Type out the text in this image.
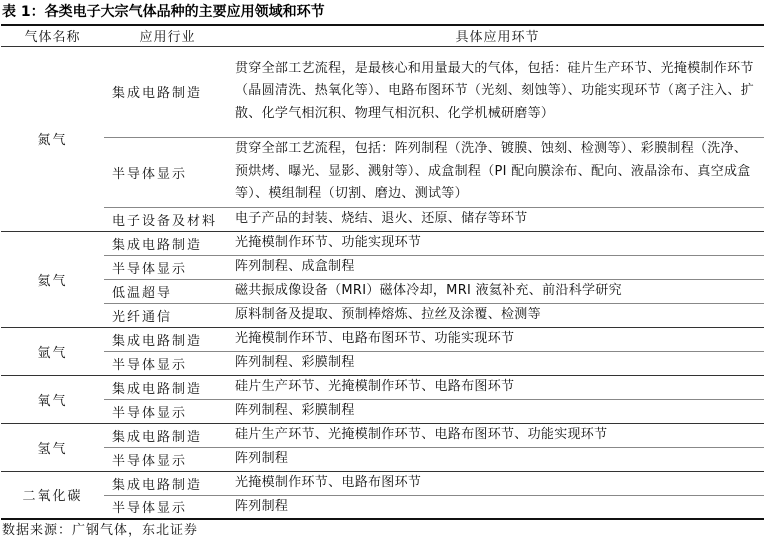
表 1：各类电子大宗气体品种的主要应用领域和环节
气体名称	应用行业	具体应用环节
氮气	集成电路制造	贯穿全部工艺流程，是最核心和用量最大的气体，包括：硅片生产环节、光掩模制作环节（晶圆清洗、热氧化等）、电路布图环节（光刻、刻蚀等）、功能实现环节（离子注入、扩散、化学气相沉积、物理气相沉积、化学机械研磨等）
	半导体显示	贯穿全部工艺流程，包括：阵列制程（洗净、镀膜、蚀刻、检测等）、彩膜制程（洗净、预烘烤、曝光、显影、溅射等）、成盒制程（PI 配向膜涂布、配向、液晶涂布、真空成盒等）、模组制程（切割、磨边、测试等）
	电子设备及材料	电子产品的封装、烧结、退火、还原、储存等环节
氦气	集成电路制造	光掩模制作环节、功能实现环节
	半导体显示	阵列制程、成盒制程
	低温超导	磁共振成像设备（MRI）磁体冷却，MRI 液氦补充、前沿科学研究
	光纤通信	原料制备及提取、预制棒熔炼、拉丝及涂覆、检测等
氩气	集成电路制造	光掩模制作环节、电路布图环节、功能实现环节
	半导体显示	阵列制程、彩膜制程
氧气	集成电路制造	硅片生产环节、光掩模制作环节、电路布图环节
	半导体显示	阵列制程、彩膜制程
氢气	集成电路制造	硅片生产环节、光掩模制作环节、电路布图环节、功能实现环节
	半导体显示	阵列制程
二氧化碳	集成电路制造	光掩模制作环节、电路布图环节
	半导体显示	阵列制程
数据来源：广钢气体，东北证券
